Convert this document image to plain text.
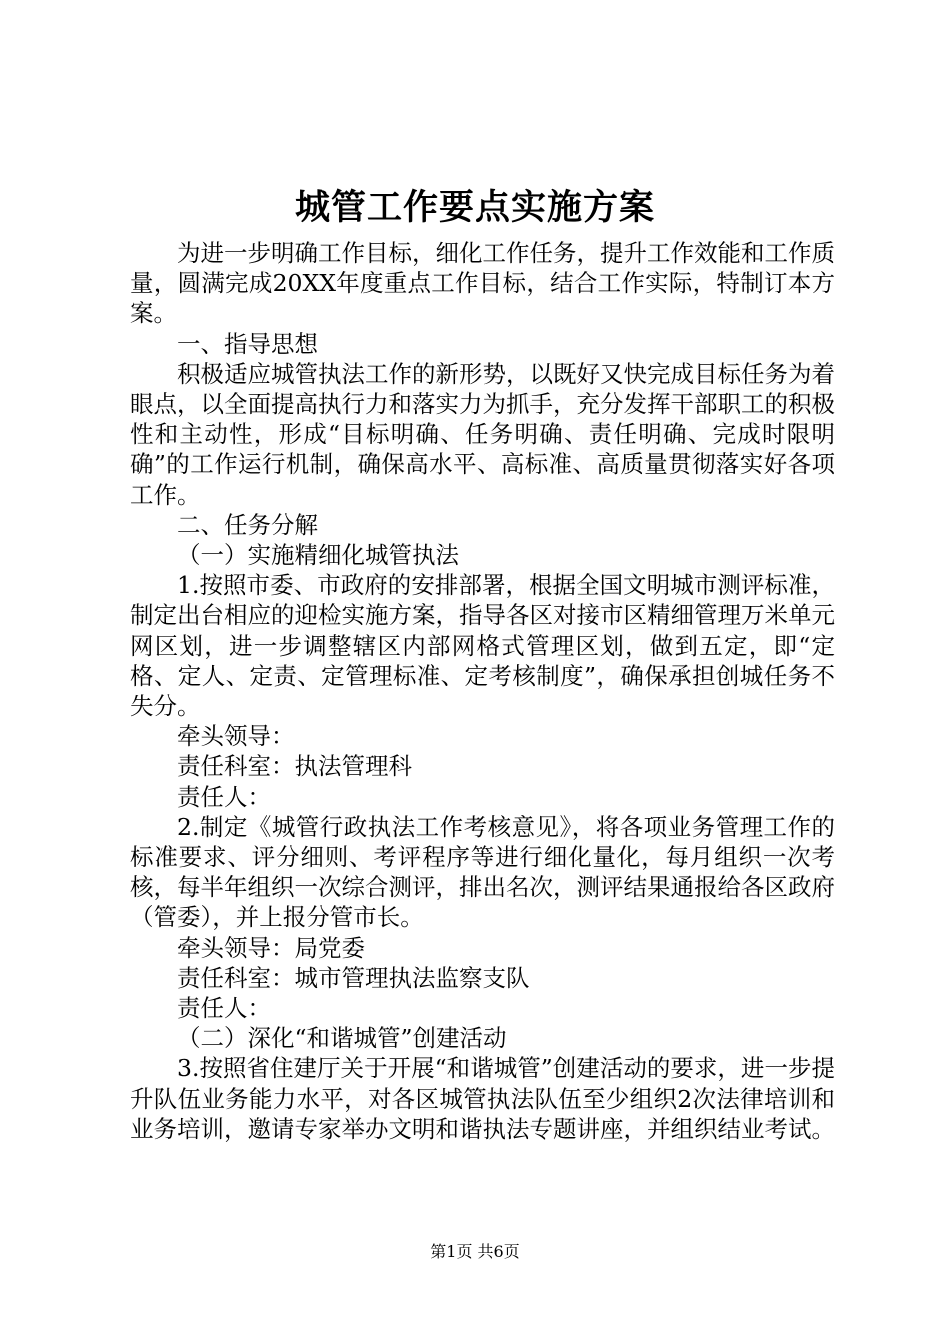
城管工作要点实施方案

为进一步明确工作目标，细化工作任务，提升工作效能和工作质量，圆满完成20XX年度重点工作目标，结合工作实际，特制订本方案。

一、指导思想

积极适应城管执法工作的新形势，以既好又快完成目标任务为着眼点，以全面提高执行力和落实力为抓手，充分发挥干部职工的积极性和主动性，形成“目标明确、任务明确、责任明确、完成时限明确”的工作运行机制，确保高水平、高标准、高质量贯彻落实好各项工作。

二、任务分解

（一）实施精细化城管执法

1.按照市委、市政府的安排部署，根据全国文明城市测评标准，制定出台相应的迎检实施方案，指导各区对接市区精细管理万米单元网区划，进一步调整辖区内部网格式管理区划，做到五定，即“定格、定人、定责、定管理标准、定考核制度”，确保承担创城任务不失分。

牵头领导：

责任科室：执法管理科

责任人：

2.制定《城管行政执法工作考核意见》，将各项业务管理工作的标准要求、评分细则、考评程序等进行细化量化，每月组织一次考核，每半年组织一次综合测评，排出名次，测评结果通报给各区政府（管委），并上报分管市长。

牵头领导：局党委

责任科室：城市管理执法监察支队

责任人：

（二）深化“和谐城管”创建活动

3.按照省住建厅关于开展“和谐城管”创建活动的要求，进一步提升队伍业务能力水平，对各区城管执法队伍至少组织2次法律培训和业务培训，邀请专家举办文明和谐执法专题讲座，并组织结业考试。

第1页 共6页
